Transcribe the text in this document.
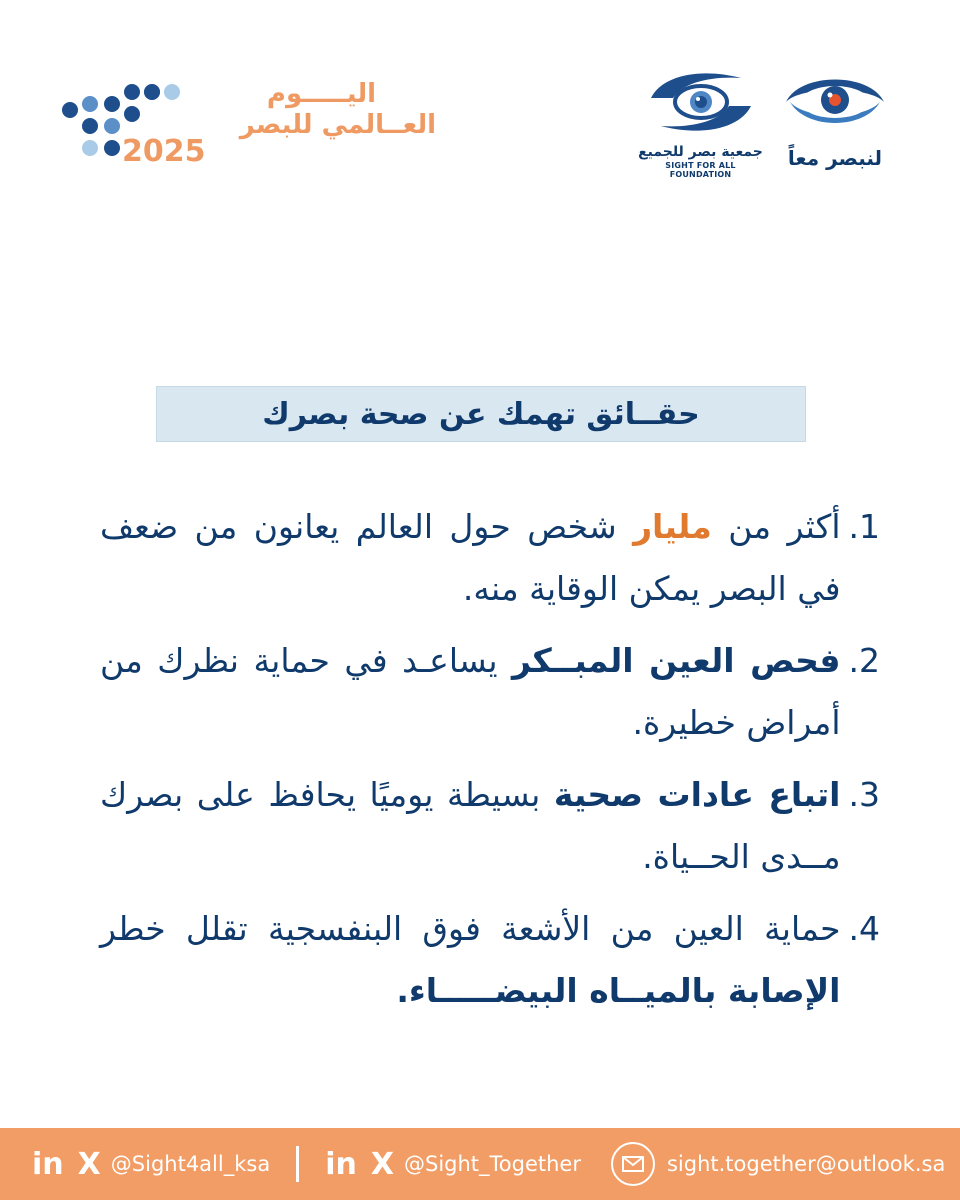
اليـــــوم
العــالمي للبصر
2025	جمعية بصر للجميع
SIGHT FOR ALL FOUNDATION
لنبصر معاً
حقــائق تهمك عن صحة بصرك
1.
أكثر من مليار شخص حول العالم يعانون من ضعف في البصر يمكن الوقاية منه.
2.
فحص العين المبــكر يساعـد في حماية نظرك من أمراض خطيرة.
3.
اتباع عادات صحية بسيطة يوميًا يحافظ على بصرك مــدى الحــياة.
4.
حماية العين من الأشعة فوق البنفسجية تقلل خطر الإصابة بالميــاه البيضـــــاء.
in X @Sight4all_ksa in X @Sight_Together	sight.together@outlook.sa
